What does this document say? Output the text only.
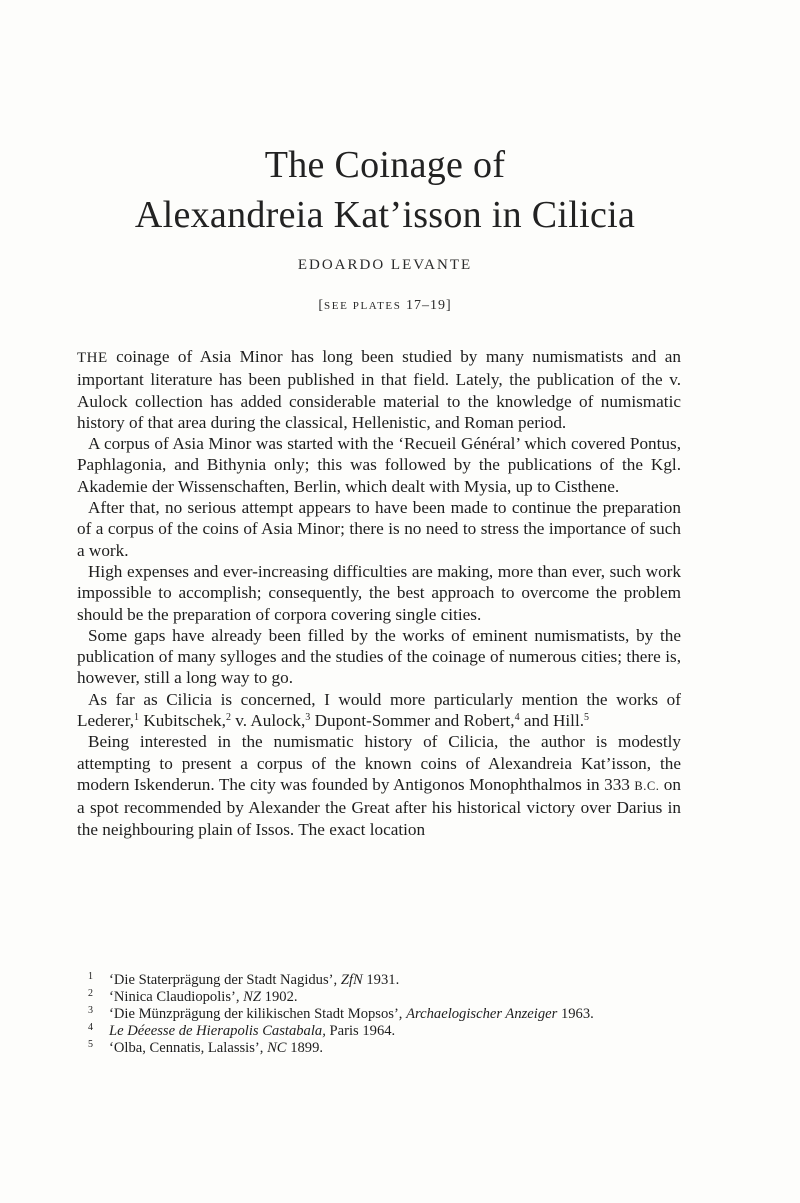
The Coinage of
Alexandreia Kat’isson in Cilicia
EDOARDO LEVANTE
[SEE PLATES 17–19]

THE coinage of Asia Minor has long been studied by many numismatists and an important literature has been published in that field. Lately, the publication of the v. Aulock collection has added considerable material to the knowledge of numismatic history of that area during the classical, Hellenistic, and Roman period.

A corpus of Asia Minor was started with the ‘Recueil Général’ which covered Pontus, Paphlagonia, and Bithynia only; this was followed by the publications of the Kgl. Akademie der Wissenschaften, Berlin, which dealt with Mysia, up to Cisthene.

After that, no serious attempt appears to have been made to continue the preparation of a corpus of the coins of Asia Minor; there is no need to stress the importance of such a work.

High expenses and ever-increasing difficulties are making, more than ever, such work impossible to accomplish; consequently, the best approach to overcome the problem should be the preparation of corpora covering single cities.

Some gaps have already been filled by the works of eminent numismatists, by the publication of many sylloges and the studies of the coinage of numerous cities; there is, however, still a long way to go.

As far as Cilicia is concerned, I would more particularly mention the works of Lederer,$^1$ Kubitschek,$^2$ v. Aulock,$^3$ Dupont-Sommer and Robert,$^4$ and Hill.$^5$

Being interested in the numismatic history of Cilicia, the author is modestly attempting to present a corpus of the known coins of Alexandreia Kat’isson, the modern Iskenderun. The city was founded by Antigonos Monophthalmos in 333 B.C. on a spot recommended by Alexander the Great after his historical victory over Darius in the neighbouring plain of Issos. The exact location

1 ‘Die Staterprägung der Stadt Nagidus’, ZfN 1931.
2 ‘Ninica Claudiopolis’, NZ 1902.
3 ‘Die Münzprägung der kilikischen Stadt Mopsos’, Archaelogischer Anzeiger 1963.
4 Le Déeesse de Hierapolis Castabala, Paris 1964.
5 ‘Olba, Cennatis, Lalassis’, NC 1899.
